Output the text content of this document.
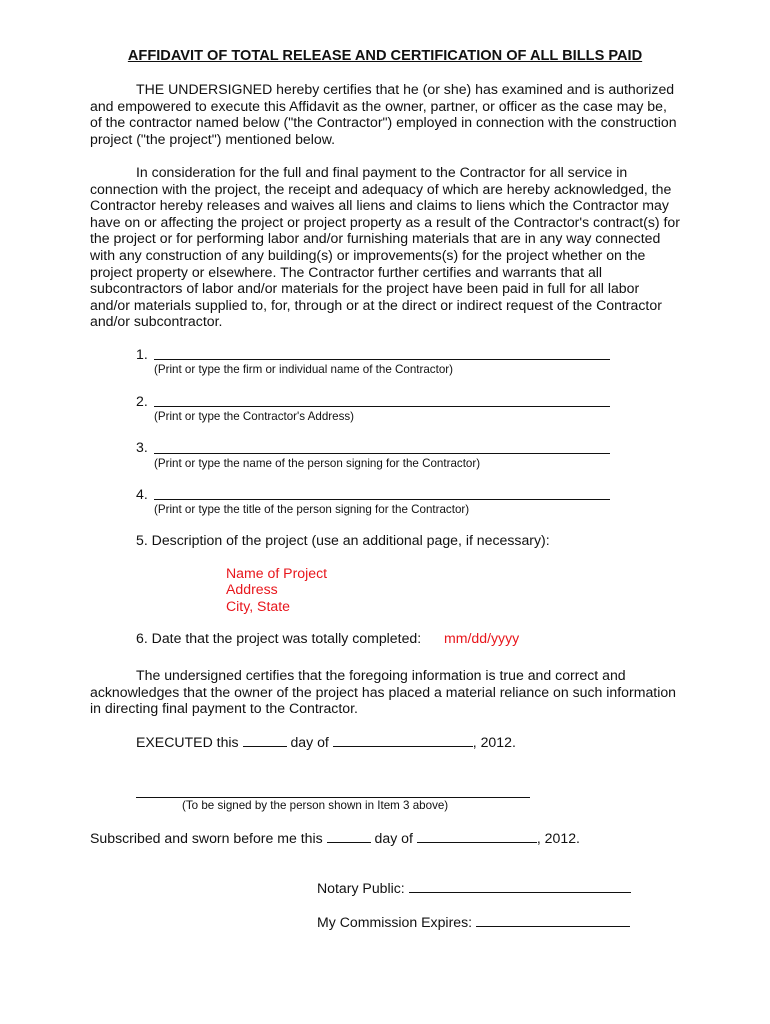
AFFIDAVIT OF TOTAL RELEASE AND CERTIFICATION OF ALL BILLS PAID

THE UNDERSIGNED hereby certifies that he (or she) has examined and is authorized and empowered to execute this Affidavit as the owner, partner, or officer as the case may be, of the contractor named below ("the Contractor") employed in connection with the construction project ("the project") mentioned below.

In consideration for the full and final payment to the Contractor for all service in connection with the project, the receipt and adequacy of which are hereby acknowledged, the Contractor hereby releases and waives all liens and claims to liens which the Contractor may have on or affecting the project or project property as a result of the Contractor's contract(s) for the project or for performing labor and/or furnishing materials that are in any way connected with any construction of any building(s) or improvements(s) for the project whether on the project property or elsewhere. The Contractor further certifies and warrants that all subcontractors of labor and/or materials for the project have been paid in full for all labor and/or materials supplied to, for, through or at the direct or indirect request of the Contractor and/or subcontractor.

1.
(Print or type the firm or individual name of the Contractor)
2.
(Print or type the Contractor's Address)
3.
(Print or type the name of the person signing for the Contractor)
4.
(Print or type the title of the person signing for the Contractor)
5. Description of the project (use an additional page, if necessary):
Name of Project
Address
City, State
6. Date that the project was totally completed: mm/dd/yyyy

The undersigned certifies that the foregoing information is true and correct and acknowledges that the owner of the project has placed a material reliance on such information in directing final payment to the Contractor.

EXECUTED this	day of	, 2012.
(To be signed by the person shown in Item 3 above)
Subscribed and sworn before me this	day of	, 2012.
Notary Public:
My Commission Expires:
